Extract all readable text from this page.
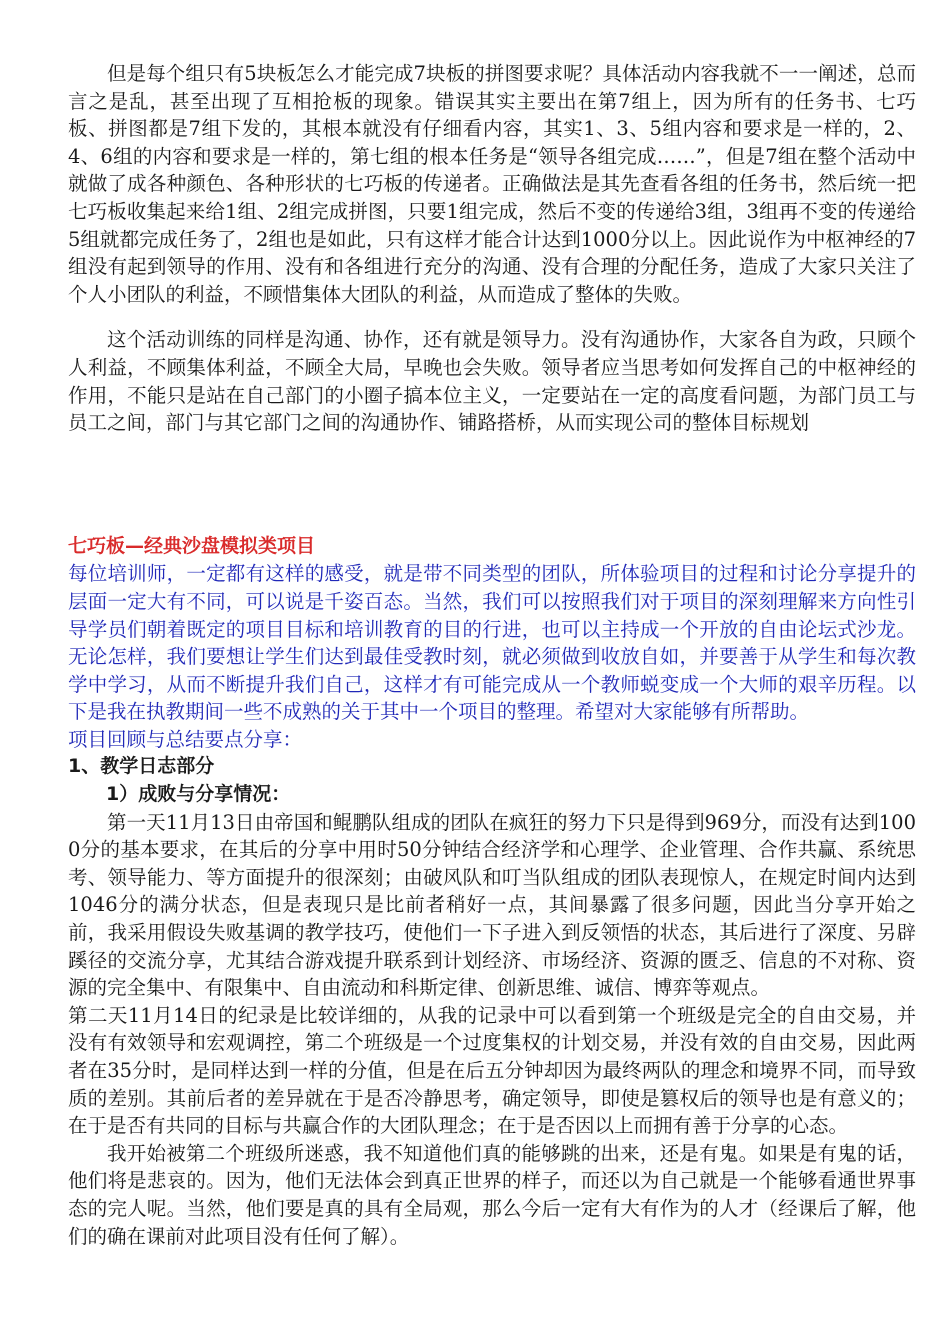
但是每个组只有5块板怎么才能完成7块板的拼图要求呢？具体活动内容我就不一一阐述，总而言之是乱，甚至出现了互相抢板的现象。错误其实主要出在第7组上，因为所有的任务书、七巧板、拼图都是7组下发的，其根本就没有仔细看内容，其实1、3、5组内容和要求是一样的，2、4、6组的内容和要求是一样的，第七组的根本任务是“领导各组完成……”，但是7组在整个活动中就做了成各种颜色、各种形状的七巧板的传递者。正确做法是其先查看各组的任务书，然后统一把七巧板收集起来给1组、2组完成拼图，只要1组完成，然后不变的传递给3组，3组再不变的传递给5组就都完成任务了，2组也是如此，只有这样才能合计达到1000分以上。因此说作为中枢神经的7组没有起到领导的作用、没有和各组进行充分的沟通、没有合理的分配任务，造成了大家只关注了个人小团队的利益，不顾惜集体大团队的利益，从而造成了整体的失败。

这个活动训练的同样是沟通、协作，还有就是领导力。没有沟通协作，大家各自为政，只顾个人利益，不顾集体利益，不顾全大局，早晚也会失败。领导者应当思考如何发挥自己的中枢神经的作用，不能只是站在自己部门的小圈子搞本位主义，一定要站在一定的高度看问题，为部门员工与员工之间，部门与其它部门之间的沟通协作、铺路搭桥，从而实现公司的整体目标规划

七巧板—经典沙盘模拟类项目

每位培训师，一定都有这样的感受，就是带不同类型的团队，所体验项目的过程和讨论分享提升的层面一定大有不同，可以说是千姿百态。当然，我们可以按照我们对于项目的深刻理解来方向性引导学员们朝着既定的项目目标和培训教育的目的行进，也可以主持成一个开放的自由论坛式沙龙。无论怎样，我们要想让学生们达到最佳受教时刻，就必须做到收放自如，并要善于从学生和每次教学中学习，从而不断提升我们自己，这样才有可能完成从一个教师蜕变成一个大师的艰辛历程。以下是我在执教期间一些不成熟的关于其中一个项目的整理。希望对大家能够有所帮助。

项目回顾与总结要点分享：

1、教学日志部分

1）成败与分享情况：

第一天11月13日由帝国和鲲鹏队组成的团队在疯狂的努力下只是得到969分，而没有达到1000分的基本要求，在其后的分享中用时50分钟结合经济学和心理学、企业管理、合作共赢、系统思考、领导能力、等方面提升的很深刻；由破风队和叮当队组成的团队表现惊人，在规定时间内达到1046分的满分状态，但是表现只是比前者稍好一点，其间暴露了很多问题，因此当分享开始之前，我采用假设失败基调的教学技巧，使他们一下子进入到反领悟的状态，其后进行了深度、另辟蹊径的交流分享，尤其结合游戏提升联系到计划经济、市场经济、资源的匮乏、信息的不对称、资源的完全集中、有限集中、自由流动和科斯定律、创新思维、诚信、博弈等观点。

第二天11月14日的纪录是比较详细的，从我的记录中可以看到第一个班级是完全的自由交易，并没有有效领导和宏观调控，第二个班级是一个过度集权的计划交易，并没有效的自由交易，因此两者在35分时，是同样达到一样的分值，但是在后五分钟却因为最终两队的理念和境界不同，而导致质的差别。其前后者的差异就在于是否冷静思考，确定领导，即使是篡权后的领导也是有意义的；在于是否有共同的目标与共赢合作的大团队理念；在于是否因以上而拥有善于分享的心态。

我开始被第二个班级所迷惑，我不知道他们真的能够跳的出来，还是有鬼。如果是有鬼的话，他们将是悲哀的。因为，他们无法体会到真正世界的样子，而还以为自己就是一个能够看通世界事态的完人呢。当然，他们要是真的具有全局观，那么今后一定有大有作为的人才（经课后了解，他们的确在课前对此项目没有任何了解）。
